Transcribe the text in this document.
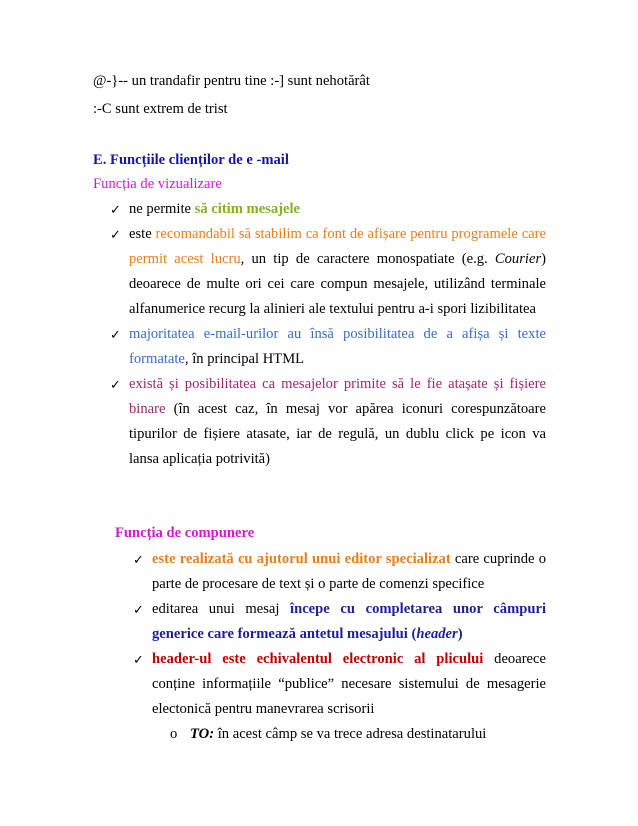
@-}-- un trandafir pentru tine :-] sunt nehotărât
:-C sunt extrem de trist
E. Funcțiile clienților de e -mail
Funcția de vizualizare
✓ ne permite să citim mesajele
✓ este recomandabil să stabilim ca font de afișare pentru programele care
permit acest lucru, un tip de caractere monospatiate (e.g. Courier)
deoarece de multe ori cei care compun mesajele, utilizând terminale
alfanumerice recurg la alinieri ale textului pentru a-i spori lizibilitatea
✓ majoritatea e-mail-urilor au însă posibilitatea de a afișa și texte
formatate, în principal HTML
✓ există și posibilitatea ca mesajelor primite să le fie atașate și fișiere
binare (în acest caz, în mesaj vor apărea iconuri corespunzătoare
tipurilor de fișiere atasate, iar de regulă, un dublu click pe icon va
lansa aplicația potrivită)
Funcția de compunere
✓ este realizată cu ajutorul unui editor specializat care cuprinde o
parte de procesare de text și o parte de comenzi specifice
✓ editarea unui mesaj începe cu completarea unor câmpuri
generice care formează antetul mesajului (header)
✓ header-ul este echivalentul electronic al plicului deoarece
conține informațiile “publice” necesare sistemului de mesagerie
electonică pentru manevrarea scrisorii
o TO: în acest câmp se va trece adresa destinatarului
